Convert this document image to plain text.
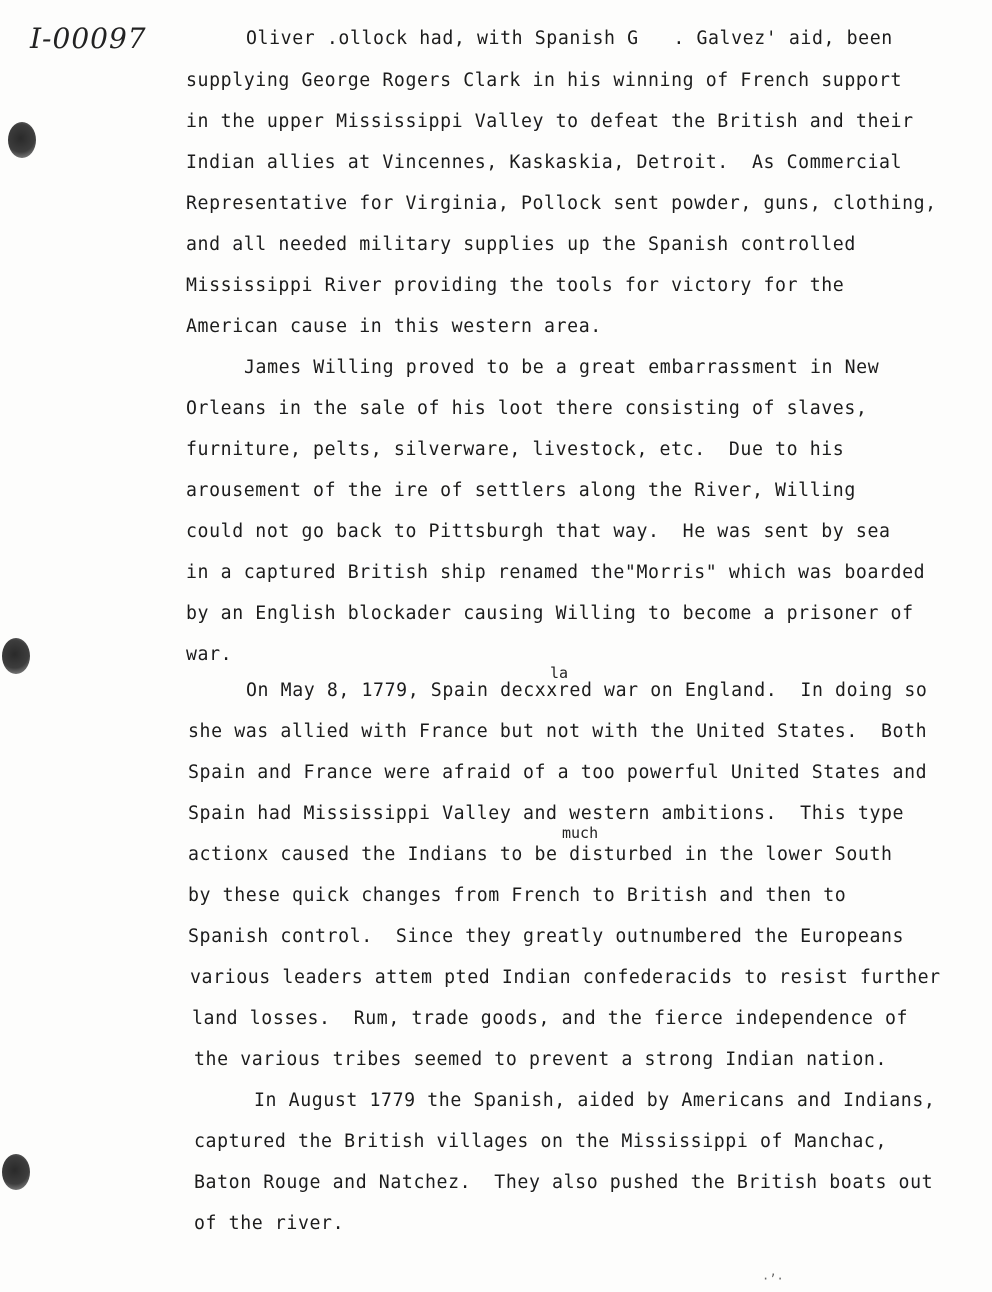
I-00097	Oliver .ollock had, with Spanish G   . Galvez' aid, been
supplying George Rogers Clark in his winning of French support
in the upper Mississippi Valley to defeat the British and their
Indian allies at Vincennes, Kaskaskia, Detroit.  As Commercial
Representative for Virginia, Pollock sent powder, guns, clothing,
and all needed military supplies up the Spanish controlled
Mississippi River providing the tools for victory for the
American cause in this western area.
James Willing proved to be a great embarrassment in New
Orleans in the sale of his loot there consisting of slaves,
furniture, pelts, silverware, livestock, etc.  Due to his
arousement of the ire of settlers along the River, Willing
could not go back to Pittsburgh that way.  He was sent by sea
in a captured British ship renamed the"Morris" which was boarded
by an English blockader causing Willing to become a prisoner of
war.
la
On May 8, 1779, Spain decxxred war on England.  In doing so
she was allied with France but not with the United States.  Both
Spain and France were afraid of a too powerful United States and
Spain had Mississippi Valley and western ambitions.  This type
much
actionx caused the Indians to be disturbed in the lower South
by these quick changes from French to British and then to
Spanish control.  Since they greatly outnumbered the Europeans
various leaders attem pted Indian confederacids to resist further
land losses.  Rum, trade goods, and the fierce independence of
the various tribes seemed to prevent a strong Indian nation.
In August 1779 the Spanish, aided by Americans and Indians,
captured the British villages on the Mississippi of Manchac,
Baton Rouge and Natchez.  They also pushed the British boats out
of the river.
·’·
